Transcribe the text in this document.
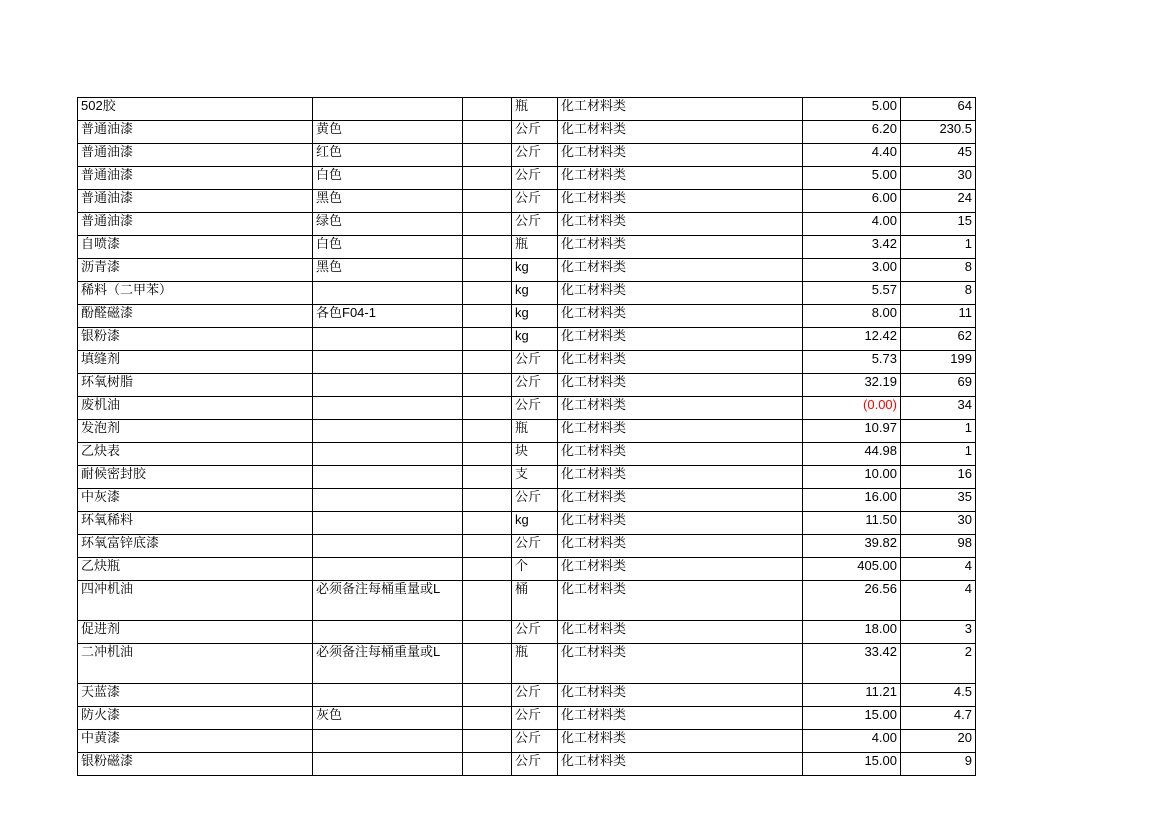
502胶			瓶	化工材料类	5.00	64
普通油漆	黄色		公斤	化工材料类	6.20	230.5
普通油漆	红色		公斤	化工材料类	4.40	45
普通油漆	白色		公斤	化工材料类	5.00	30
普通油漆	黑色		公斤	化工材料类	6.00	24
普通油漆	绿色		公斤	化工材料类	4.00	15
自喷漆	白色		瓶	化工材料类	3.42	1
沥青漆	黑色		kg	化工材料类	3.00	8
稀料（二甲苯）			kg	化工材料类	5.57	8
酚醛磁漆	各色F04-1		kg	化工材料类	8.00	11
银粉漆			kg	化工材料类	12.42	62
填缝剂			公斤	化工材料类	5.73	199
环氧树脂			公斤	化工材料类	32.19	69
废机油			公斤	化工材料类	(0.00)	34
发泡剂			瓶	化工材料类	10.97	1
乙炔表			块	化工材料类	44.98	1
耐候密封胶			支	化工材料类	10.00	16
中灰漆			公斤	化工材料类	16.00	35
环氧稀料			kg	化工材料类	11.50	30
环氧富锌底漆			公斤	化工材料类	39.82	98
乙炔瓶			个	化工材料类	405.00	4
四冲机油	必须备注每桶重量或L		桶	化工材料类	26.56	4
促进剂			公斤	化工材料类	18.00	3
二冲机油	必须备注每桶重量或L		瓶	化工材料类	33.42	2
天蓝漆			公斤	化工材料类	11.21	4.5
防火漆	灰色		公斤	化工材料类	15.00	4.7
中黄漆			公斤	化工材料类	4.00	20
银粉磁漆			公斤	化工材料类	15.00	9
